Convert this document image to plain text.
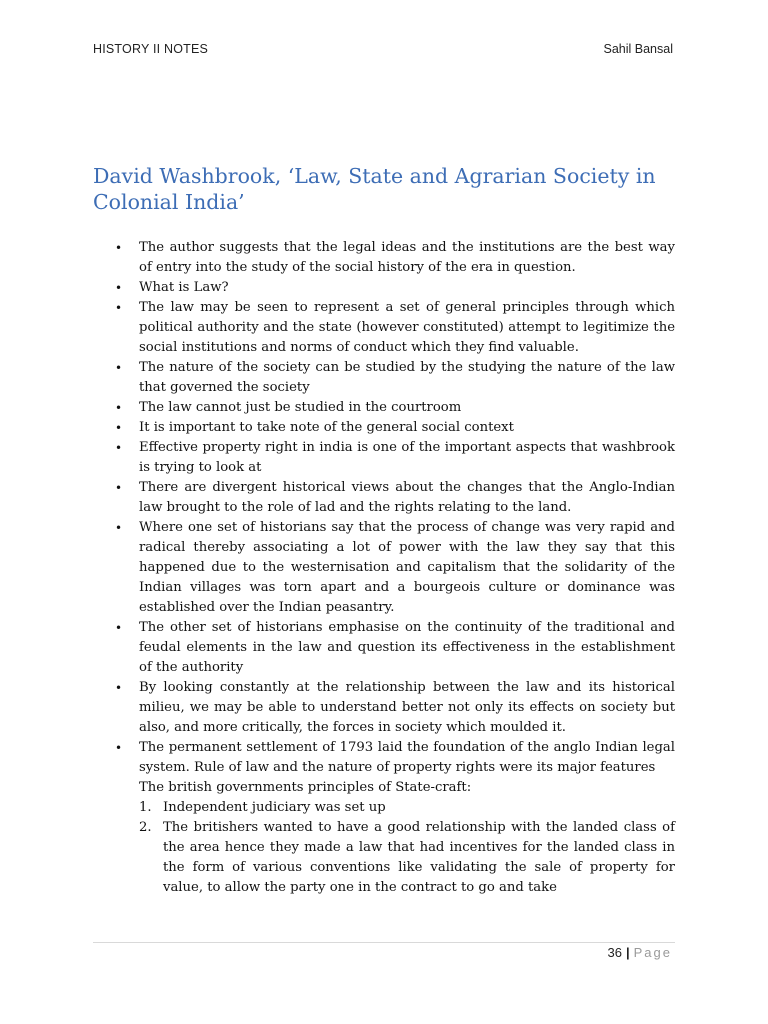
HISTORY II NOTES	Sahil Bansal
David Washbrook, ‘Law, State and Agrarian Society in
Colonial India’
• The author suggests that the legal ideas and the institutions are the best way of entry into the study of the social history of the era in question.
• What is Law?
• The law may be seen to represent a set of general principles through which political authority and the state (however constituted) attempt to legitimize the social institutions and norms of conduct which they find valuable.
• The nature of the society can be studied by the studying the nature of the law that governed the society
• The law cannot just be studied in the courtroom
• It is important to take note of the general social context
• Effective property right in india is one of the important aspects that washbrook is trying to look at
• There are divergent historical views about the changes that the Anglo-Indian law brought to the role of lad and the rights relating to the land.
• Where one set of historians say that the process of change was very rapid and radical thereby associating a lot of power with the law they say that this happened due to the westernisation and capitalism that the solidarity of the Indian villages was torn apart and a bourgeois culture or dominance was established over the Indian peasantry.
• The other set of historians emphasise on the continuity of the traditional and feudal elements in the law and question its effectiveness in the establishment of the authority
• By looking constantly at the relationship between the law and its historical milieu, we may be able to understand better not only its effects on society but also, and more critically, the forces in society which moulded it.
• The permanent settlement of 1793 laid the foundation of the anglo Indian legal system. Rule of law and the nature of property rights were its major features
The british governments principles of State-craft:
1. Independent judiciary was set up
2. The britishers wanted to have a good relationship with the landed class of the area hence they made a law that had incentives for the landed class in the form of various conventions like validating the sale of property for value, to allow the party one in the contract to go and take
36 | Page
